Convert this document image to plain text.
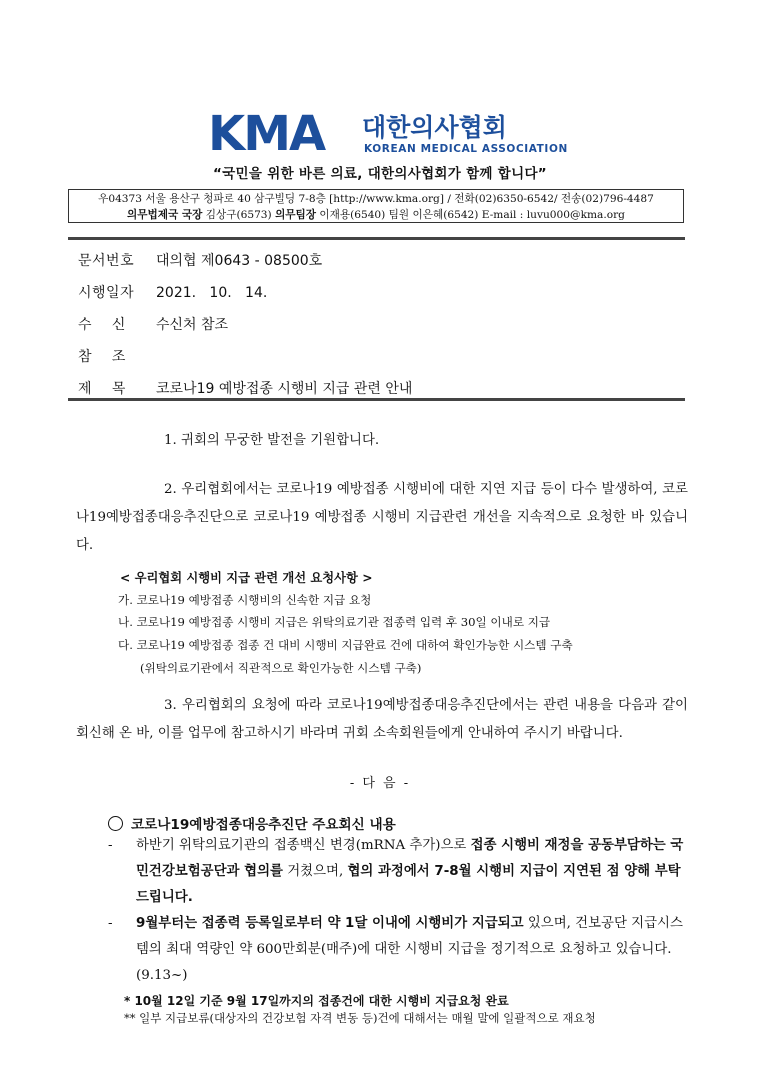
KMA 대한의사협회
KOREAN MEDICAL ASSOCIATION
“국민을 위한 바른 의료, 대한의사협회가 함께 합니다”
우04373 서울 용산구 청파로 40 삼구빌딩 7-8층 [http://www.kma.org] / 전화(02)6350-6542/ 전송(02)796-4487
의무법제국 국장 김상구(6573) 의무팀장 이재용(6540) 팀원 이은혜(6542) E-mail : luvu000@kma.org
문서번호 대의협 제0643 - 08500호
시행일자 2021.   10.   14.
수    신 수신처 참조
참    조
제    목 코로나19 예방접종 시행비 지급 관련 안내
1. 귀회의 무궁한 발전을 기원합니다.
2. 우리협회에서는 코로나19 예방접종 시행비에 대한 지연 지급 등이 다수 발생하여, 코로나19예방접종대응추진단으로 코로나19 예방접종 시행비 지급관련 개선을 지속적으로 요청한 바 있습니다.
< 우리협회 시행비 지급 관련 개선 요청사항 >
가. 코로나19 예방접종 시행비의 신속한 지급 요청
나. 코로나19 예방접종 시행비 지급은 위탁의료기관 접종력 입력 후 30일 이내로 지급
다. 코로나19 예방접종 접종 건 대비 시행비 지급완료 건에 대하여 확인가능한 시스템 구축
(위탁의료기관에서 직관적으로 확인가능한 시스템 구축)
3. 우리협회의 요청에 따라 코로나19예방접종대응추진단에서는 관련 내용을 다음과 같이 회신해 온 바, 이를 업무에 참고하시기 바라며 귀회 소속회원들에게 안내하여 주시기 바랍니다.
- 다 음 -
코로나19예방접종대응추진단 주요회신 내용
- 하반기 위탁의료기관의 접종백신 변경(mRNA 추가)으로 접종 시행비 재정을 공동부담하는 국민건강보험공단과 협의를 거쳤으며, 협의 과정에서 7-8월 시행비 지급이 지연된 점 양해 부탁드립니다.
- 9월부터는 접종력 등록일로부터 약 1달 이내에 시행비가 지급되고 있으며, 건보공단 지급시스템의 최대 역량인 약 600만회분(매주)에 대한 시행비 지급을 정기적으로 요청하고 있습니다.(9.13~)
* 10월 12일 기준 9월 17일까지의 접종건에 대한 시행비 지급요청 완료
** 일부 지급보류(대상자의 건강보험 자격 변동 등)건에 대해서는 매월 말에 일괄적으로 재요청
